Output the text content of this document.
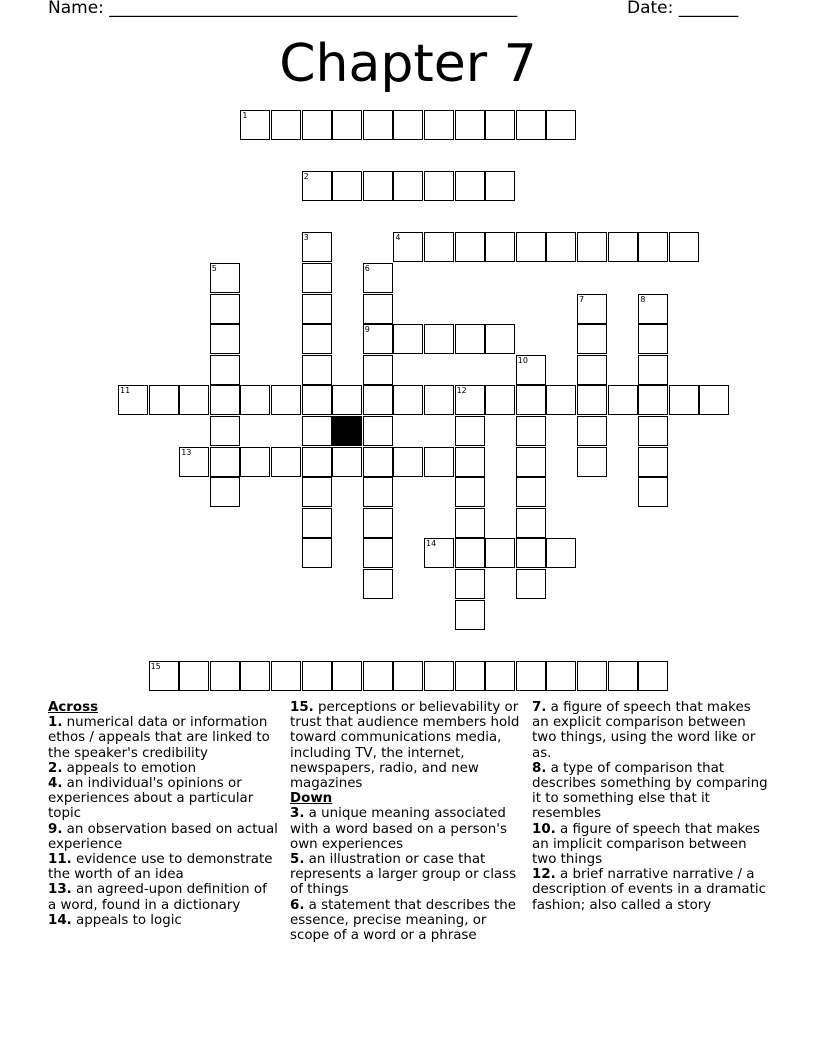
Name: ________________________________________________	Date: _______
Chapter 7
1
2
3	4
5	6
7	8
9
10
11	12
13
14
15
Across
1. numerical data or information ethos / appeals that are linked to the speaker's credibility
2. appeals to emotion
4. an individual's opinions or experiences about a particular topic
9. an observation based on actual experience
11. evidence use to demonstrate the worth of an idea
13. an agreed-upon definition of a word, found in a dictionary
14. appeals to logic
15. perceptions or believability or trust that audience members hold toward communications media, including TV, the internet, newspapers, radio, and new magazines
Down
3. a unique meaning associated with a word based on a person's own experiences
5. an illustration or case that represents a larger group or class of things
6. a statement that describes the essence, precise meaning, or scope of a word or a phrase
7. a figure of speech that makes an explicit comparison between two things, using the word like or as.
8. a type of comparison that describes something by comparing it to something else that it resembles
10. a figure of speech that makes an implicit comparison between two things
12. a brief narrative narrative / a description of events in a dramatic fashion; also called a story
